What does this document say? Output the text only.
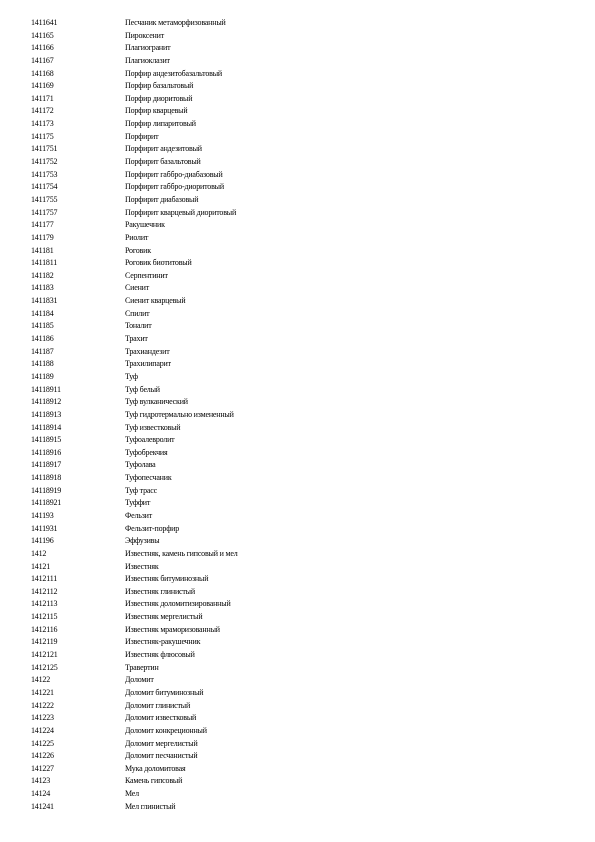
1411641	Песчаник метаморфизованный
141165	Пироксенит
141166	Плагиогранит
141167	Плагиоклазит
141168	Порфир андезитобазальтовый
141169	Порфир базальтовый
141171	Порфир диоритовый
141172	Порфир кварцевый
141173	Порфир липаритовый
141175	Порфирит
1411751	Порфирит андезитовый
1411752	Порфирит базальтовый
1411753	Порфирит габбро-диабазовый
1411754	Порфирит габбро-диоритовый
1411755	Порфирит диабазовый
1411757	Порфирит кварцевый диоритовый
141177	Ракушечник
141179	Риолит
141181	Роговик
1411811	Роговик биотитовый
141182	Серпентинит
141183	Сиенит
1411831	Сиенит кварцевый
141184	Спилит
141185	Тоналит
141186	Трахит
141187	Трахиандезит
141188	Трахилипарит
141189	Туф
14118911	Туф белый
14118912	Туф вулканический
14118913	Туф гидротермально измененный
14118914	Туф известковый
14118915	Туфоалевролит
14118916	Туфобрекчия
14118917	Туфолава
14118918	Туфопесчаник
14118919	Туф трасс
14118921	Туффит
141193	Фельзит
1411931	Фельзит-порфир
141196	Эффузивы
1412	Известняк, камень гипсовый и мел
14121	Известняк
1412111	Известняк битуминозный
1412112	Известняк глинистый
1412113	Известняк доломитизированный
1412115	Известняк мергелистый
1412116	Известняк мраморизованный
1412119	Известняк-ракушечник
1412121	Известняк флюсовый
1412125	Травертин
14122	Доломит
141221	Доломит битуминозный
141222	Доломит глинистый
141223	Доломит известковый
141224	Доломит конкреционный
141225	Доломит мергелистый
141226	Доломит песчанистый
141227	Мука доломитовая
14123	Камень гипсовый
14124	Мел
141241	Мел глинистый
